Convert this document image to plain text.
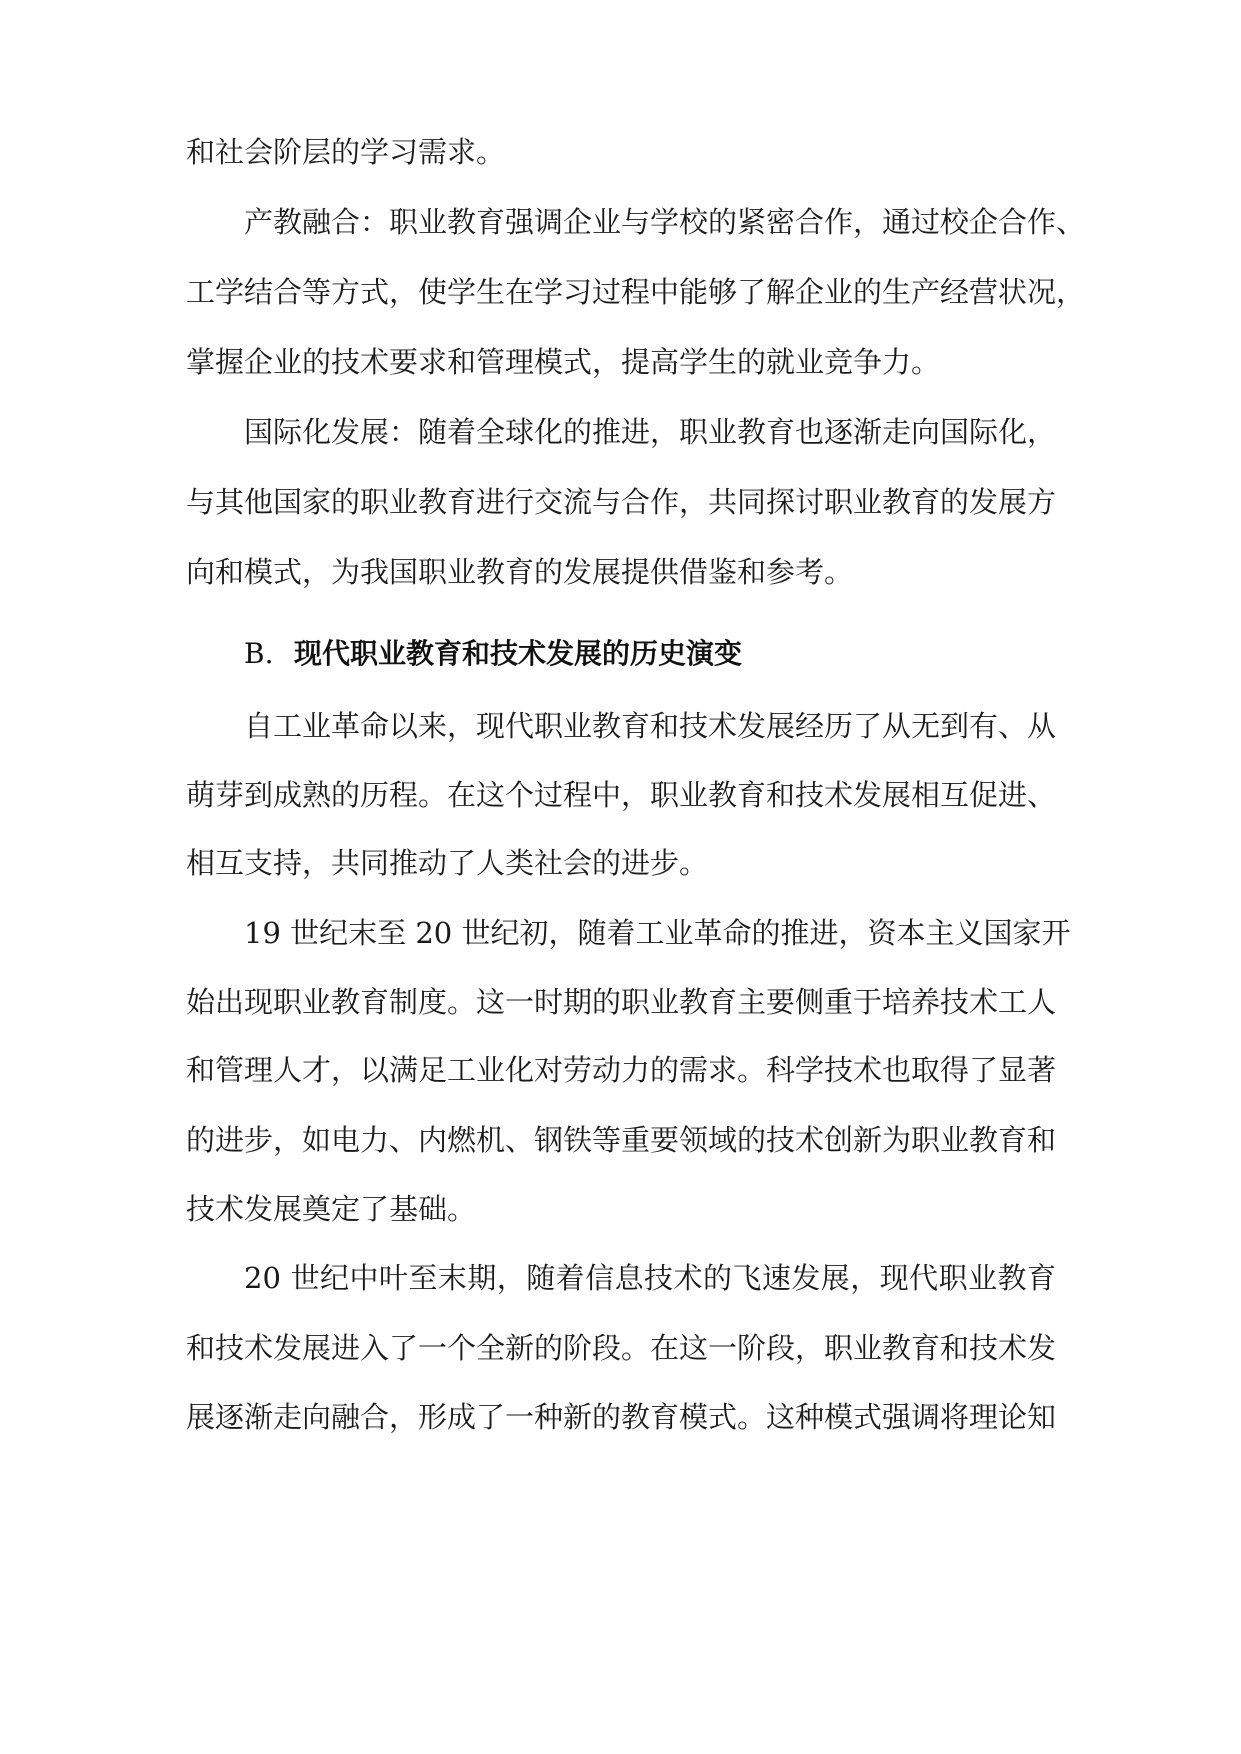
和社会阶层的学习需求。
产教融合：职业教育强调企业与学校的紧密合作，通过校企合作、
工学结合等方式，使学生在学习过程中能够了解企业的生产经营状况，
掌握企业的技术要求和管理模式，提高学生的就业竞争力。
国际化发展：随着全球化的推进，职业教育也逐渐走向国际化，
与其他国家的职业教育进行交流与合作，共同探讨职业教育的发展方
向和模式，为我国职业教育的发展提供借鉴和参考。
B. 现代职业教育和技术发展的历史演变
自工业革命以来，现代职业教育和技术发展经历了从无到有、从
萌芽到成熟的历程。在这个过程中，职业教育和技术发展相互促进、
相互支持，共同推动了人类社会的进步。
19 世纪末至 20 世纪初，随着工业革命的推进，资本主义国家开
始出现职业教育制度。这一时期的职业教育主要侧重于培养技术工人
和管理人才，以满足工业化对劳动力的需求。科学技术也取得了显著
的进步，如电力、内燃机、钢铁等重要领域的技术创新为职业教育和
技术发展奠定了基础。
20 世纪中叶至末期，随着信息技术的飞速发展，现代职业教育
和技术发展进入了一个全新的阶段。在这一阶段，职业教育和技术发
展逐渐走向融合，形成了一种新的教育模式。这种模式强调将理论知
